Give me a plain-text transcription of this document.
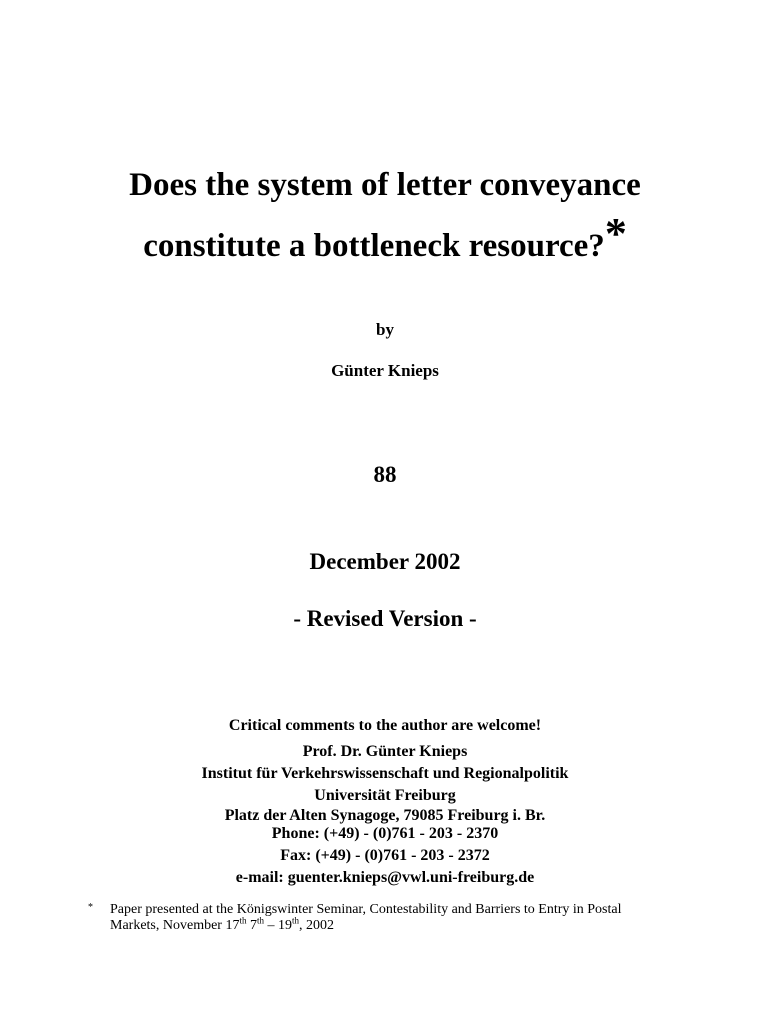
Does the system of letter conveyance
constitute a bottleneck resource?*
by
Günter Knieps
88
December 2002
- Revised Version -
Critical comments to the author are welcome!
Prof. Dr. Günter Knieps
Institut für Verkehrswissenschaft und Regionalpolitik
Universität Freiburg
Platz der Alten Synagoge, 79085 Freiburg i. Br.
Phone: (+49) - (0)761 - 203 - 2370
Fax: (+49) - (0)761 - 203 - 2372
e-mail: guenter.knieps@vwl.uni-freiburg.de
* Paper presented at the Königswinter Seminar, Contestability and Barriers to Entry in Postal
Markets, November 17th 7th – 19th, 2002
